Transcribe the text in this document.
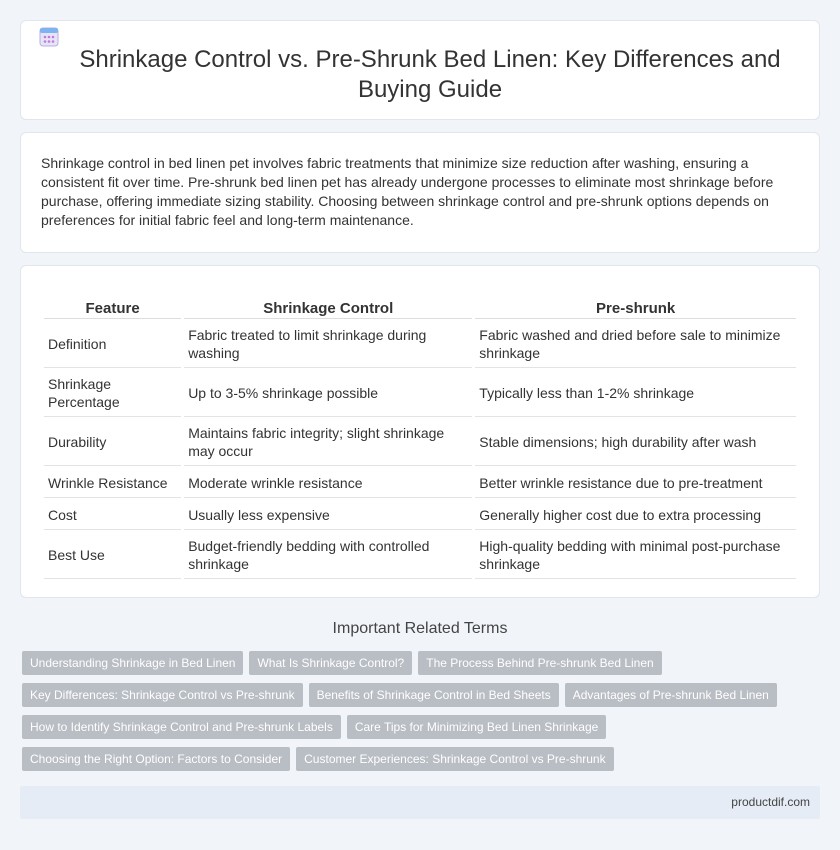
Shrinkage Control vs. Pre-Shrunk Bed Linen: Key Differences and Buying Guide

Shrinkage control in bed linen pet involves fabric treatments that minimize size reduction after washing, ensuring a consistent fit over time. Pre-shrunk bed linen pet has already undergone processes to eliminate most shrinkage before purchase, offering immediate sizing stability. Choosing between shrinkage control and pre-shrunk options depends on preferences for initial fabric feel and long-term maintenance.

Feature	Shrinkage Control	Pre-shrunk
Definition	Fabric treated to limit shrinkage during washing	Fabric washed and dried before sale to minimize shrinkage
Shrinkage Percentage	Up to 3-5% shrinkage possible	Typically less than 1-2% shrinkage
Durability	Maintains fabric integrity; slight shrinkage may occur	Stable dimensions; high durability after wash
Wrinkle Resistance	Moderate wrinkle resistance	Better wrinkle resistance due to pre-treatment
Cost	Usually less expensive	Generally higher cost due to extra processing
Best Use	Budget-friendly bedding with controlled shrinkage	High-quality bedding with minimal post-purchase shrinkage
Important Related Terms
Understanding Shrinkage in Bed Linen What Is Shrinkage Control? The Process Behind Pre-shrunk Bed Linen
Key Differences: Shrinkage Control vs Pre-shrunk Benefits of Shrinkage Control in Bed Sheets Advantages of Pre-shrunk Bed Linen
How to Identify Shrinkage Control and Pre-shrunk Labels Care Tips for Minimizing Bed Linen Shrinkage
Choosing the Right Option: Factors to Consider Customer Experiences: Shrinkage Control vs Pre-shrunk
productdif.com
